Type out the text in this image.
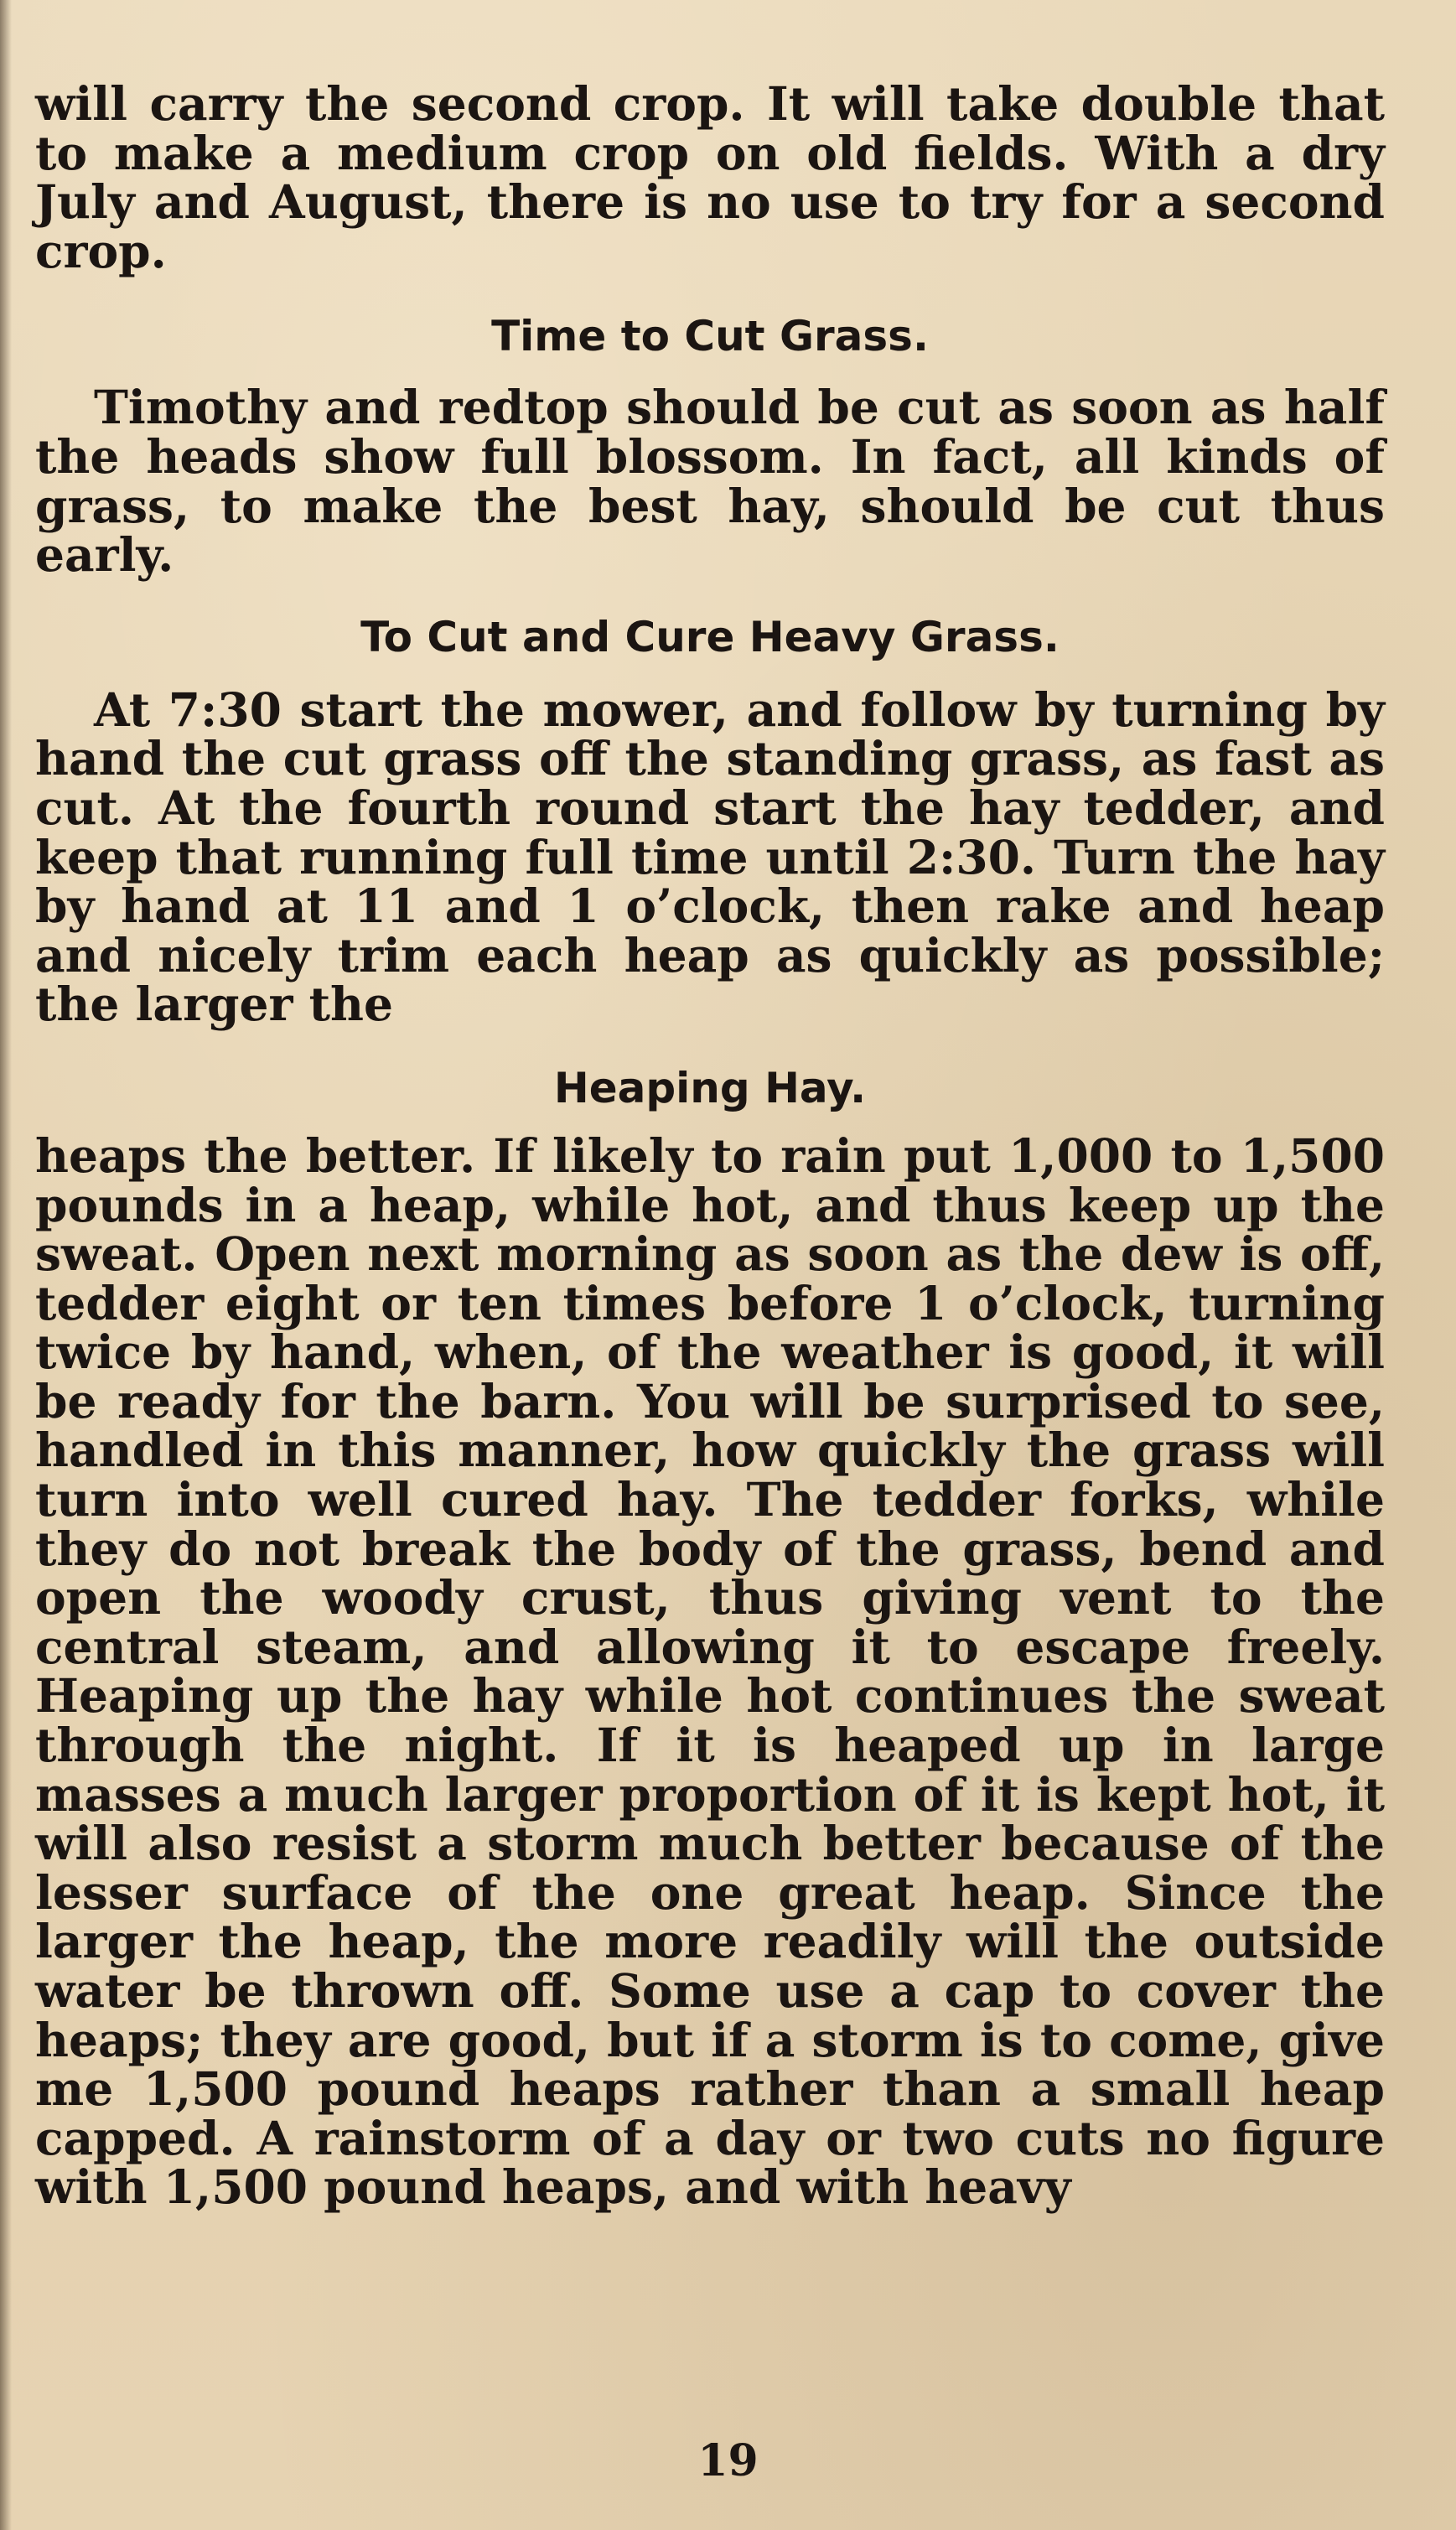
will carry the second crop. It will take double that to make a medium crop on old fields. With a dry July and August, there is no use to try for a second crop.

Time to Cut Grass.

Timothy and redtop should be cut as soon as half the heads show full blossom. In fact, all kinds of grass, to make the best hay, should be cut thus early.

To Cut and Cure Heavy Grass.

At 7:30 start the mower, and follow by turning by hand the cut grass off the standing grass, as fast as cut. At the fourth round start the hay tedder, and keep that running full time until 2:30. Turn the hay by hand at 11 and 1 o’clock, then rake and heap and nicely trim each heap as quickly as possible; the larger the

Heaping Hay.

heaps the better. If likely to rain put 1,000 to 1,500 pounds in a heap, while hot, and thus keep up the sweat. Open next morning as soon as the dew is off, tedder eight or ten times before 1 o’clock, turning twice by hand, when, of the weather is good, it will be ready for the barn. You will be surprised to see, handled in this manner, how quickly the grass will turn into well cured hay. The tedder forks, while they do not break the body of the grass, bend and open the woody crust, thus giving vent to the central steam, and allowing it to escape freely. Heaping up the hay while hot continues the sweat through the night. If it is heaped up in large masses a much larger proportion of it is kept hot, it will also resist a storm much better because of the lesser surface of the one great heap. Since the larger the heap, the more readily will the outside water be thrown off. Some use a cap to cover the heaps; they are good, but if a storm is to come, give me 1,500 pound heaps rather than a small heap capped. A rainstorm of a day or two cuts no figure with 1,500 pound heaps, and with heavy

19
